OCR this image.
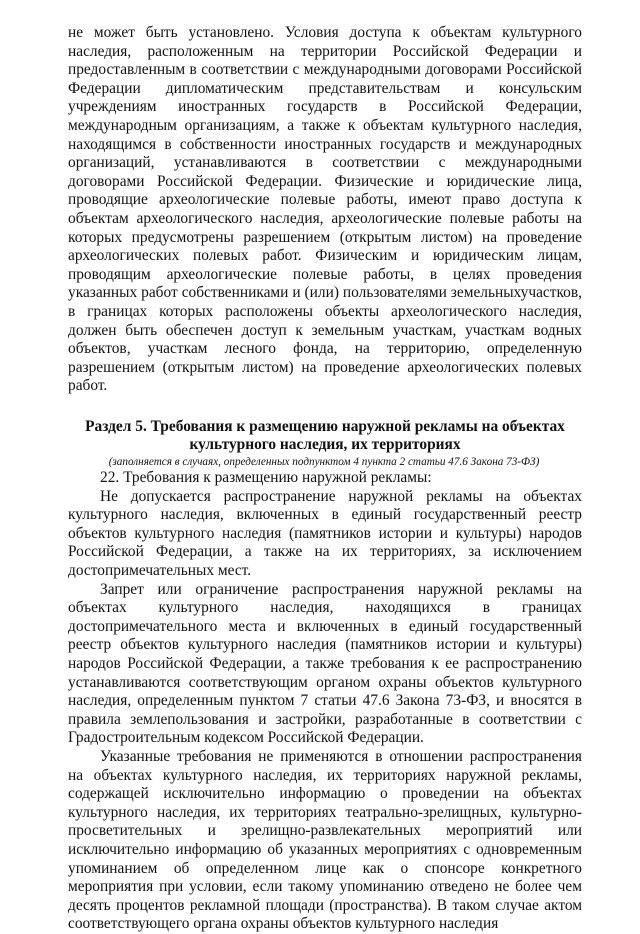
не может быть установлено. Условия доступа к объектам культурного наследия, расположенным на территории Российской Федерации и предоставленным в соответствии с международными договорами Российской Федерации дипломатическим представительствам и консульским учреждениям иностранных государств в Российской Федерации, международным организациям, а также к объектам культурного наследия, находящимся в собственности иностранных государств и международных организаций, устанавливаются в соответствии с международными договорами Российской Федерации. Физические и юридические лица, проводящие археологические полевые работы, имеют право доступа к объектам археологического наследия, археологические полевые работы на которых предусмотрены разрешением (открытым листом) на проведение археологических полевых работ. Физическим и юридическим лицам, проводящим археологические полевые работы, в целях проведения указанных работ собственниками и (или) пользователями земельныхучастков, в границах которых расположены объекты археологического наследия, должен быть обеспечен доступ к земельным участкам, участкам водных объектов, участкам лесного фонда, на территорию, определенную разрешением (открытым листом) на проведение археологических полевых работ.

Раздел 5. Требования к размещению наружной рекламы на объектах культурного наследия, их территориях
(заполняется в случаях, определенных подпунктом 4 пункта 2 статьи 47.6 Закона 73-ФЗ)

22. Требования к размещению наружной рекламы:

Не допускается распространение наружной рекламы на объектах культурного наследия, включенных в единый государственный реестр объектов культурного наследия (памятников истории и культуры) народов Российской Федерации, а также на их территориях, за исключением достопримечательных мест.

Запрет или ограничение распространения наружной рекламы на объектах культурного наследия, находящихся в границах достопримечательного места и включенных в единый государственный реестр объектов культурного наследия (памятников истории и культуры) народов Российской Федерации, а также требования к ее распространению устанавливаются соответствующим органом охраны объектов культурного наследия, определенным пунктом 7 статьи 47.6 Закона 73-ФЗ, и вносятся в правила землепользования и застройки, разработанные в соответствии с Градостроительным кодексом Российской Федерации.

Указанные требования не применяются в отношении распространения на объектах культурного наследия, их территориях наружной рекламы, содержащей исключительно информацию о проведении на объектах культурного наследия, их территориях театрально-зрелищных, культурно-просветительных и зрелищно-развлекательных мероприятий или исключительно информацию об указанных мероприятиях с одновременным упоминанием об определенном лице как о спонсоре конкретного мероприятия при условии, если такому упоминанию отведено не более чем десять процентов рекламной площади (пространства). В таком случае актом соответствующего органа охраны объектов культурного наследия
